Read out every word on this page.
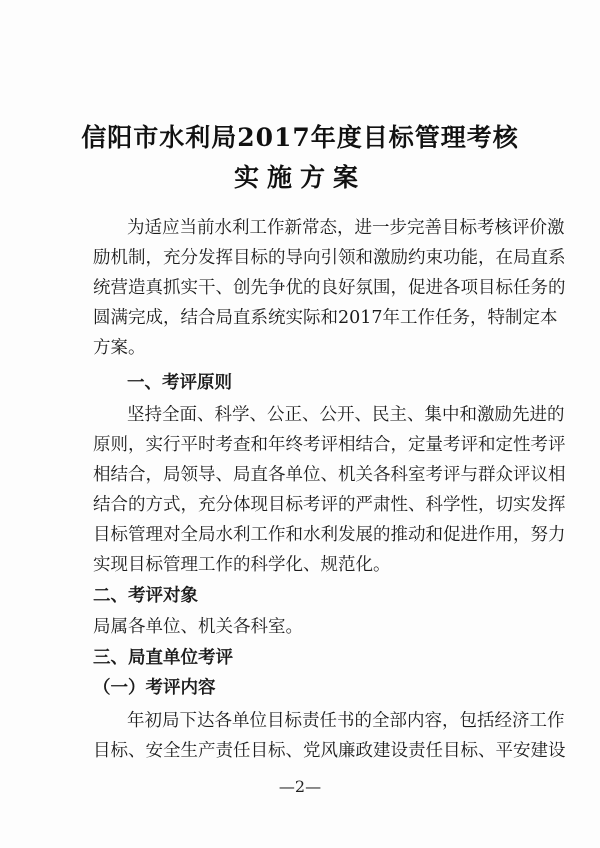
信阳市水利局2017年度目标管理考核
实施方案
为适应当前水利工作新常态，进一步完善目标考核评价激
励机制，充分发挥目标的导向引领和激励约束功能，在局直系
统营造真抓实干、创先争优的良好氛围，促进各项目标任务的
圆满完成，结合局直系统实际和2017年工作任务，特制定本
方案。
一、考评原则
坚持全面、科学、公正、公开、民主、集中和激励先进的
原则，实行平时考查和年终考评相结合，定量考评和定性考评
相结合，局领导、局直各单位、机关各科室考评与群众评议相
结合的方式，充分体现目标考评的严肃性、科学性，切实发挥
目标管理对全局水利工作和水利发展的推动和促进作用，努力
实现目标管理工作的科学化、规范化。
二、考评对象
局属各单位、机关各科室。
三、局直单位考评
（一）考评内容
年初局下达各单位目标责任书的全部内容，包括经济工作
目标、安全生产责任目标、党风廉政建设责任目标、平安建设
—2—
